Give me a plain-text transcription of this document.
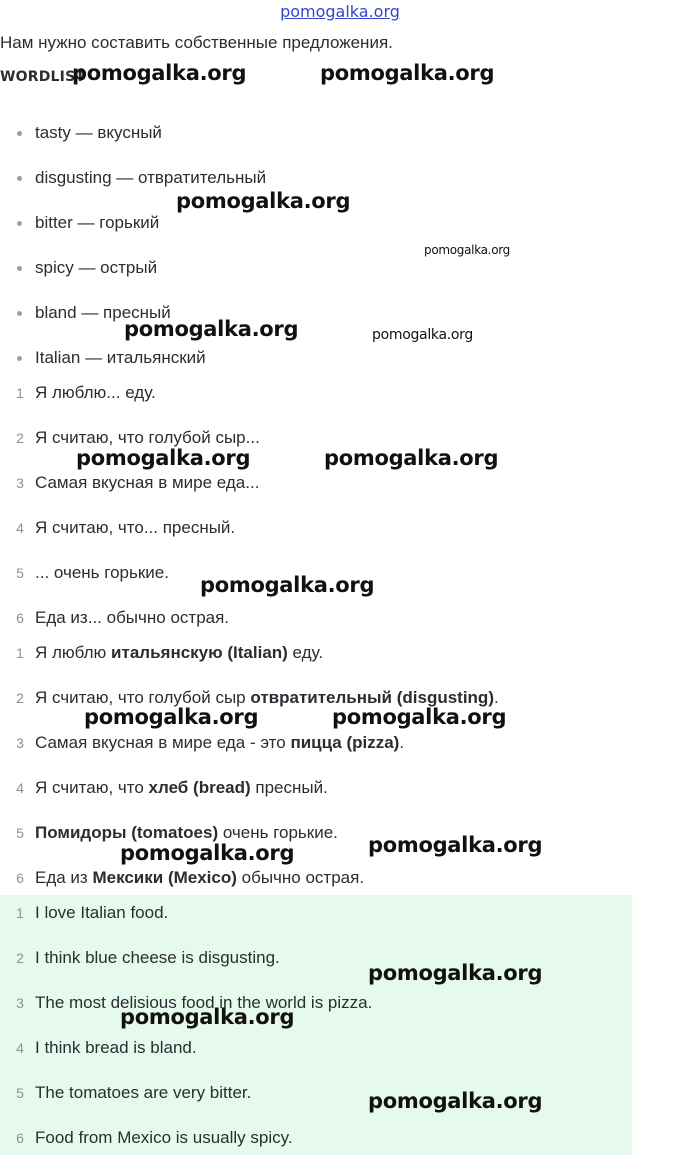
pomogalka.org
Нам нужно составить собственные предложения.
WORDLIST
tasty — вкусный
disgusting — отвратительный
bitter — горький
spicy — острый
bland — пресный
Italian — итальянский
1 Я люблю... еду.
2 Я считаю, что голубой сыр...
3 Самая вкусная в мире еда...
4 Я считаю, что... пресный.
5 ... очень горькие.
6 Еда из... обычно острая.
1 Я люблю итальянскую (Italian) еду.
2 Я считаю, что голубой сыр отвратительный (disgusting).
3 Самая вкусная в мире еда - это пицца (pizza).
4 Я считаю, что хлеб (bread) пресный.
5 Помидоры (tomatoes) очень горькие.
6 Еда из Мексики (Mexico) обычно острая.
1 I love Italian food.
2 I think blue cheese is disgusting.
3 The most delisious food in the world is pizza.
4 I think bread is bland.
5 The tomatoes are very bitter.
6 Food from Mexico is usually spicy.
pomogalka.org	pomogalka.org
pomogalka.org
pomogalka.org
pomogalka.org	pomogalka.org
pomogalka.org	pomogalka.org
pomogalka.org
pomogalka.org	pomogalka.org
pomogalka.org
pomogalka.org
pomogalka.org
pomogalka.org
pomogalka.org
